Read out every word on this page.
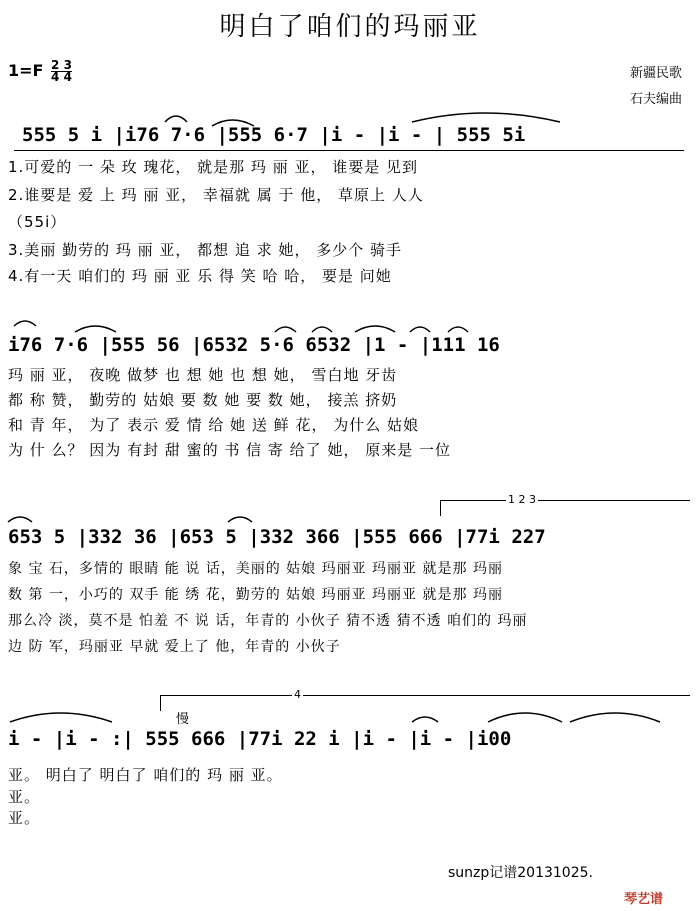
明白了咱们的玛丽亚
$1=F \frac{2 3}{4 4}$	新疆民歌
石夫编曲
555 5 i |i76 7·6 |555 6·7 |i - |i - | 555 5i
1.可爱的 一 朵 玫 瑰花， 就是那 玛 丽 亚， 谁要是 见到
2.谁要是 爱 上 玛 丽 亚， 幸福就 属 于 他， 草原上 人人
（55i）
3.美丽 勤劳的 玛 丽 亚， 都想 追 求 她， 多少个 骑手
4.有一天 咱们的 玛 丽 亚 乐 得 笑 哈 哈， 要是 问她
i76 7·6 |555 56 |6532 5·6 6532 |1 - |111 16
玛 丽 亚， 夜晚 做梦 也 想 她 也 想 她， 雪白地 牙齿
都 称 赞， 勤劳的 姑娘 要 数 她 要 数 她， 接羔 挤奶
和 青 年， 为了 表示 爱 情 给 她 送 鲜 花， 为什么 姑娘
为 什 么？ 因为 有封 甜 蜜的 书 信 寄 给了 她， 原来是 一位
1 2 3
653 5 |332 36 |653 5 |332 366 |555 666 |77i 227
象 宝 石，多情的 眼睛 能 说 话，美丽的 姑娘 玛丽亚 玛丽亚 就是那 玛丽
数 第 一，小巧的 双手 能 绣 花，勤劳的 姑娘 玛丽亚 玛丽亚 就是那 玛丽
那么冷 淡，莫不是 怕羞 不 说 话，年青的 小伙子 猜不透 猜不透 咱们的 玛丽
边 防 军，玛丽亚 早就 爱上了 他，年青的 小伙子
4
慢
i - |i - :| 555 666 |77i 22 i |i - |i - |i00
亚。 明白了 明白了 咱们的 玛 丽 亚。
亚。
亚。
sunzp记谱20131025.
琴艺谱
